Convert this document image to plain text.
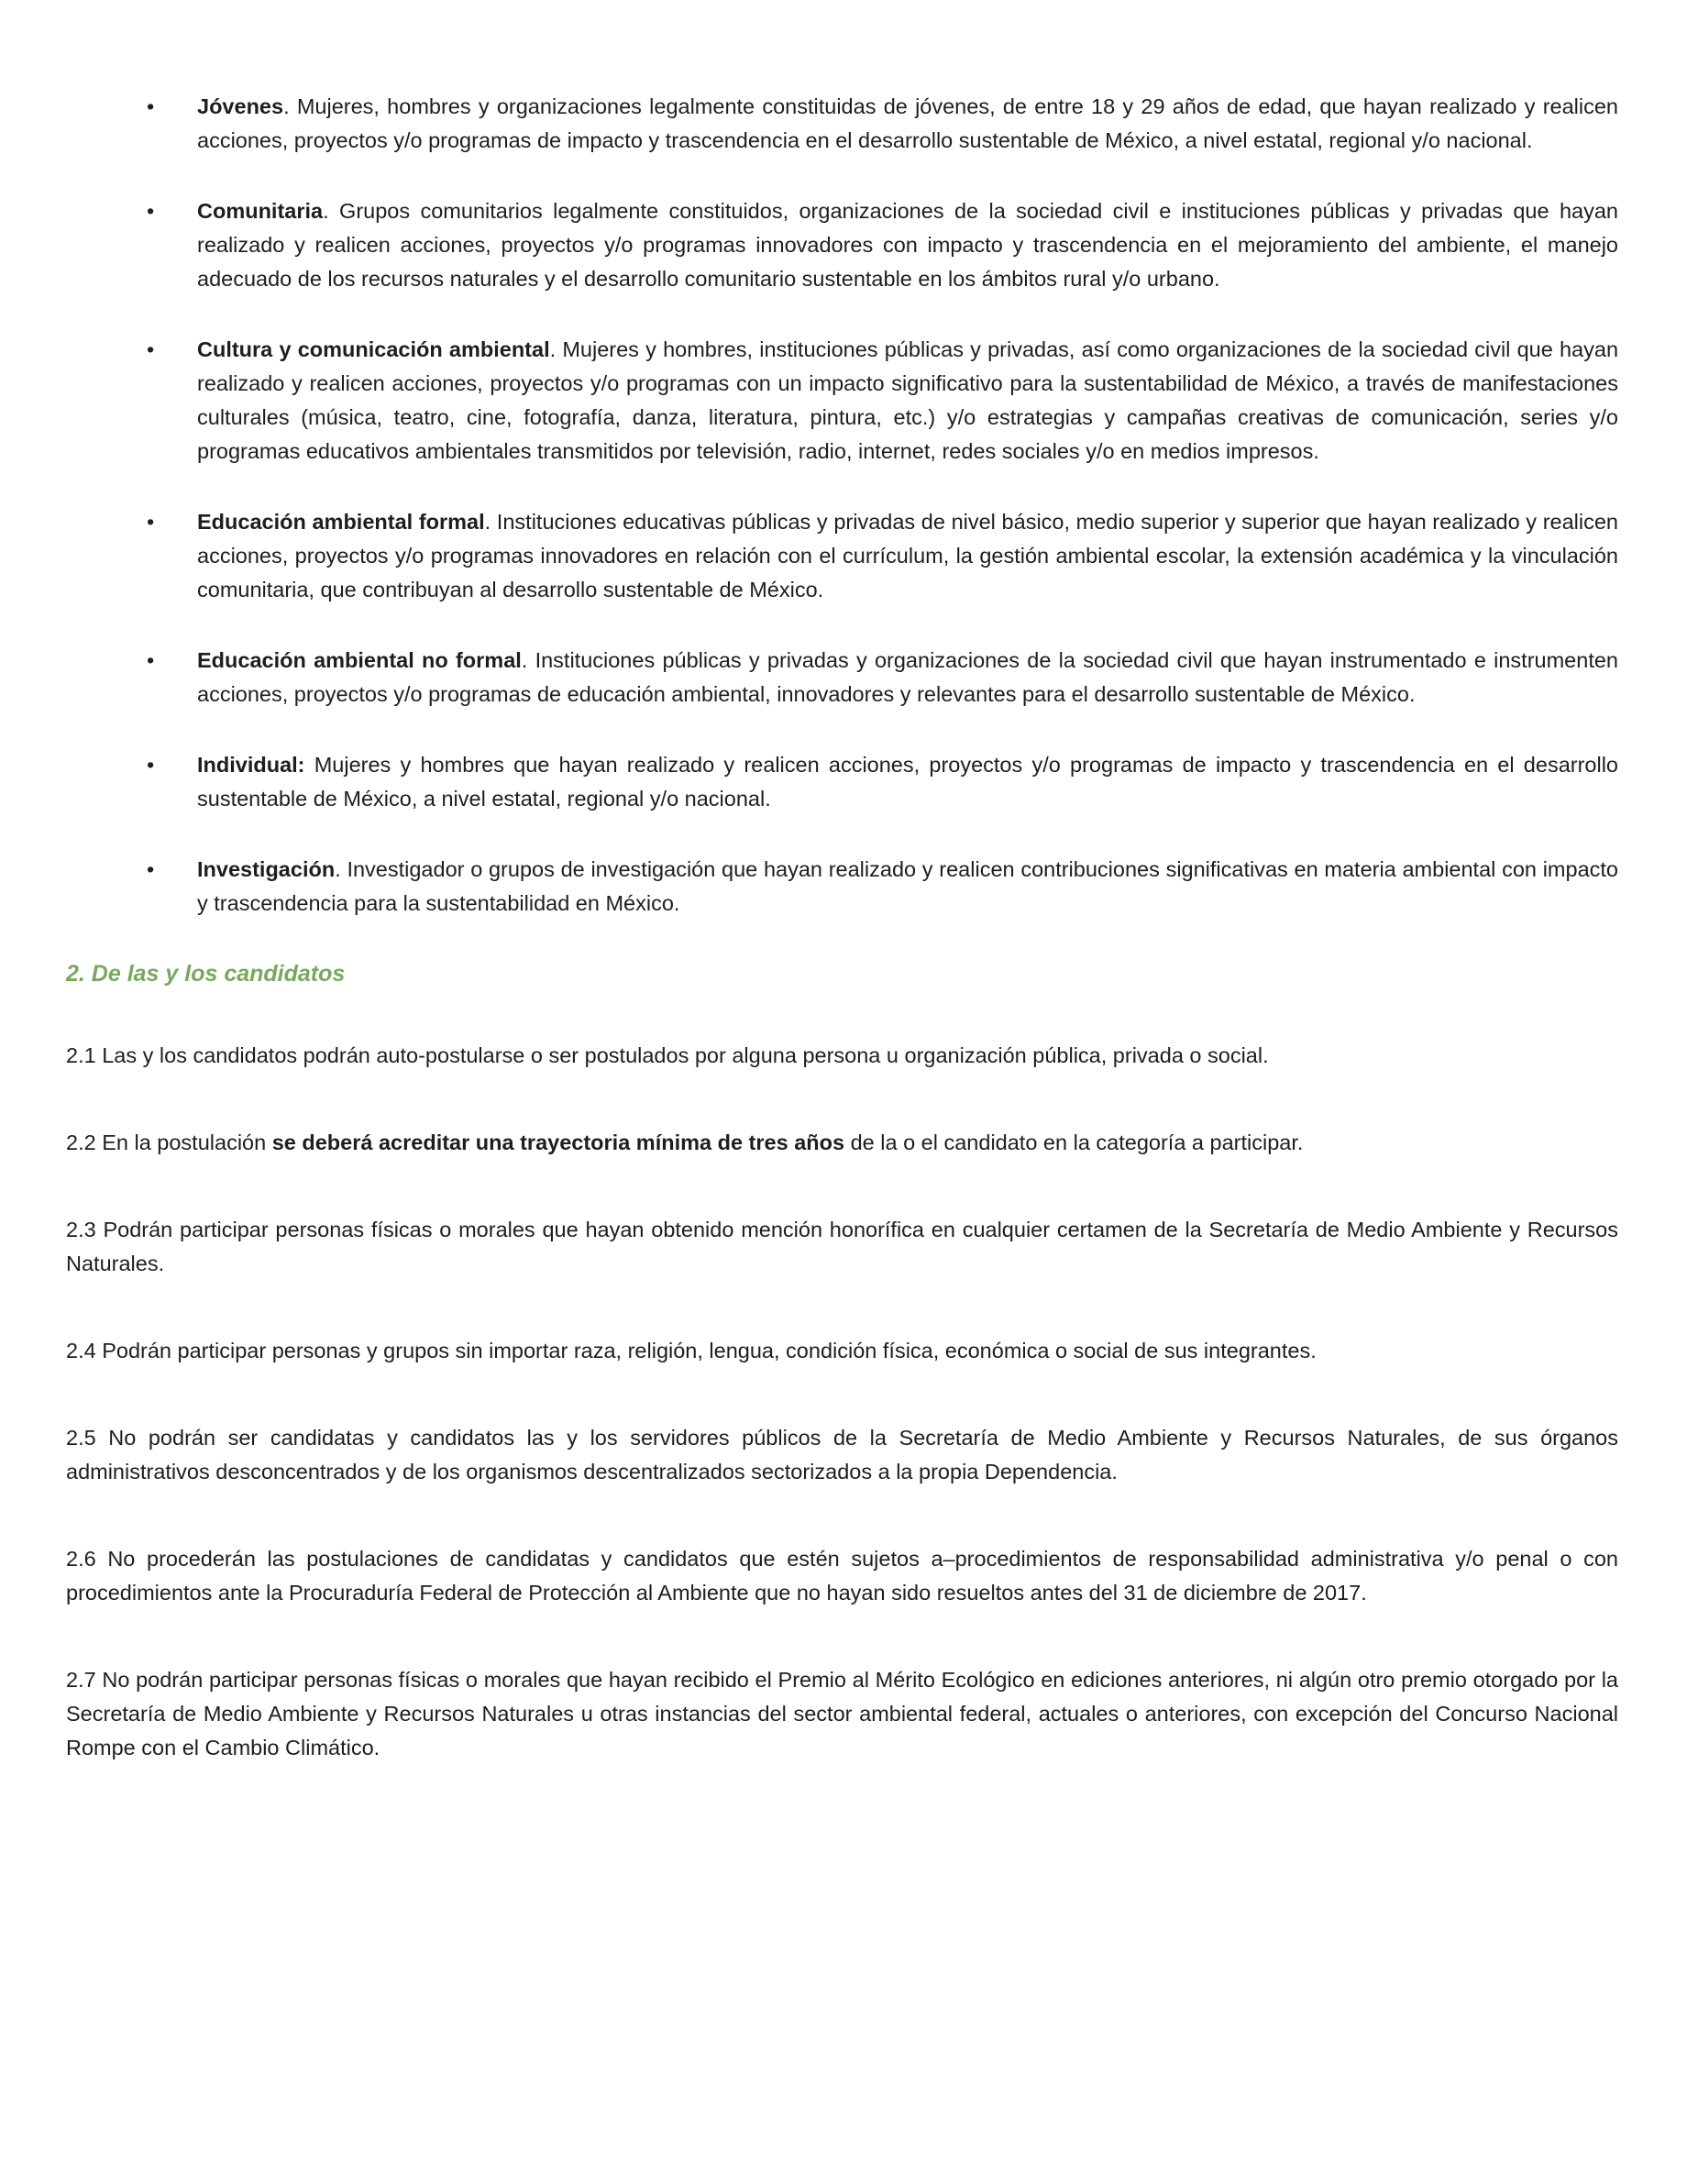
• Jóvenes. Mujeres, hombres y organizaciones legalmente constituidas de jóvenes, de entre 18 y 29 años de edad, que hayan realizado y realicen acciones, proyectos y/o programas de impacto y trascendencia en el desarrollo sustentable de México, a nivel estatal, regional y/o nacional.

• Comunitaria. Grupos comunitarios legalmente constituidos, organizaciones de la sociedad civil e instituciones públicas y privadas que hayan realizado y realicen acciones, proyectos y/o programas innovadores con impacto y trascendencia en el mejoramiento del ambiente, el manejo adecuado de los recursos naturales y el desarrollo comunitario sustentable en los ámbitos rural y/o urbano.

• Cultura y comunicación ambiental. Mujeres y hombres, instituciones públicas y privadas, así como organizaciones de la sociedad civil que hayan realizado y realicen acciones, proyectos y/o programas con un impacto significativo para la sustentabilidad de México, a través de manifestaciones culturales (música, teatro, cine, fotografía, danza, literatura, pintura, etc.) y/o estrategias y campañas creativas de comunicación, series y/o programas educativos ambientales transmitidos por televisión, radio, internet, redes sociales y/o en medios impresos.

• Educación ambiental formal. Instituciones educativas públicas y privadas de nivel básico, medio superior y superior que hayan realizado y realicen acciones, proyectos y/o programas innovadores en relación con el currículum, la gestión ambiental escolar, la extensión académica y la vinculación comunitaria, que contribuyan al desarrollo sustentable de México.

• Educación ambiental no formal. Instituciones públicas y privadas y organizaciones de la sociedad civil que hayan instrumentado e instrumenten acciones, proyectos y/o programas de educación ambiental, innovadores y relevantes para el desarrollo sustentable de México.

• Individual: Mujeres y hombres que hayan realizado y realicen acciones, proyectos y/o programas de impacto y trascendencia en el desarrollo sustentable de México, a nivel estatal, regional y/o nacional.

• Investigación. Investigador o grupos de investigación que hayan realizado y realicen contribuciones significativas en materia ambiental con impacto y trascendencia para la sustentabilidad en México.

2. De las y los candidatos

2.1 Las y los candidatos podrán auto-postularse o ser postulados por alguna persona u organización pública, privada o social.

2.2 En la postulación se deberá acreditar una trayectoria mínima de tres años de la o el candidato en la categoría a participar.

2.3 Podrán participar personas físicas o morales que hayan obtenido mención honorífica en cualquier certamen de la Secretaría de Medio Ambiente y Recursos Naturales.

2.4 Podrán participar personas y grupos sin importar raza, religión, lengua, condición física, económica o social de sus integrantes.

2.5 No podrán ser candidatas y candidatos las y los servidores públicos de la Secretaría de Medio Ambiente y Recursos Naturales, de sus órganos administrativos desconcentrados y de los organismos descentralizados sectorizados a la propia Dependencia.

2.6 No procederán las postulaciones de candidatas y candidatos que estén sujetos a–procedimientos de responsabilidad administrativa y/o penal o con procedimientos ante la Procuraduría Federal de Protección al Ambiente que no hayan sido resueltos antes del 31 de diciembre de 2017.

2.7 No podrán participar personas físicas o morales que hayan recibido el Premio al Mérito Ecológico en ediciones anteriores, ni algún otro premio otorgado por la Secretaría de Medio Ambiente y Recursos Naturales u otras instancias del sector ambiental federal, actuales o anteriores, con excepción del Concurso Nacional Rompe con el Cambio Climático.
